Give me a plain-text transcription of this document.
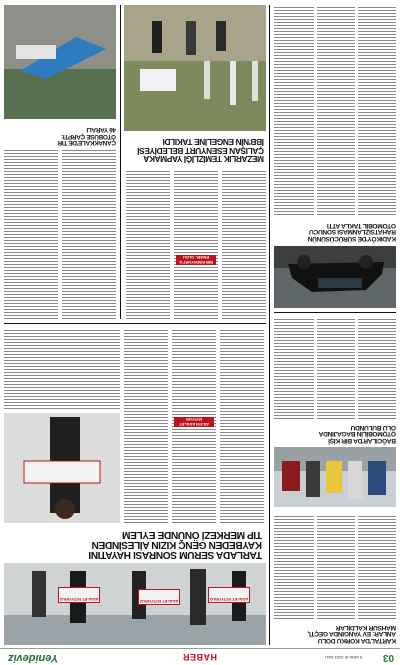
03
5 ARALIK 2023 SALI
HABER
Yenideviz
KARTAL'DA KORKU DOLU
ANLAR: EV YANGINDA GEÇTİ,
MAHSUR KALDILAR
BAĞCILAR'DA BİR KİŞİ
OTOMOBİLİN BAGAJINDA
ÖLÜ BULUNDU
KADIKÖY'DE SÜRÜCÜSÜNÜN
RAHATSIZLANMASI SONUCU
OTOMOBİL TAKLA ATTI
ADALET İSTİYORUZ
ADALET İSTİYORUZ
ADALET İSTİYORUZ
TARLADA SERUM SONRASI HAYATINI
KAYBEDEN GENÇ KIZIN AİLESİNDEN
TIP MERKEZİ ÖNÜNDE EYLEM
AİLESİ ADALET İSTİYOR
İBB ESENYURT'A ENGEL OLDU
MEZARLIK TEMİZLİĞİ YAPMAKA
ÇALIŞAN ESENYURT BELEDİYESİ
İBB'NİN ENGELİNE TAKILDI
ÇANAKKALE'DE TIR
OTOBÜSE ÇARPTI:
46 YARALI
